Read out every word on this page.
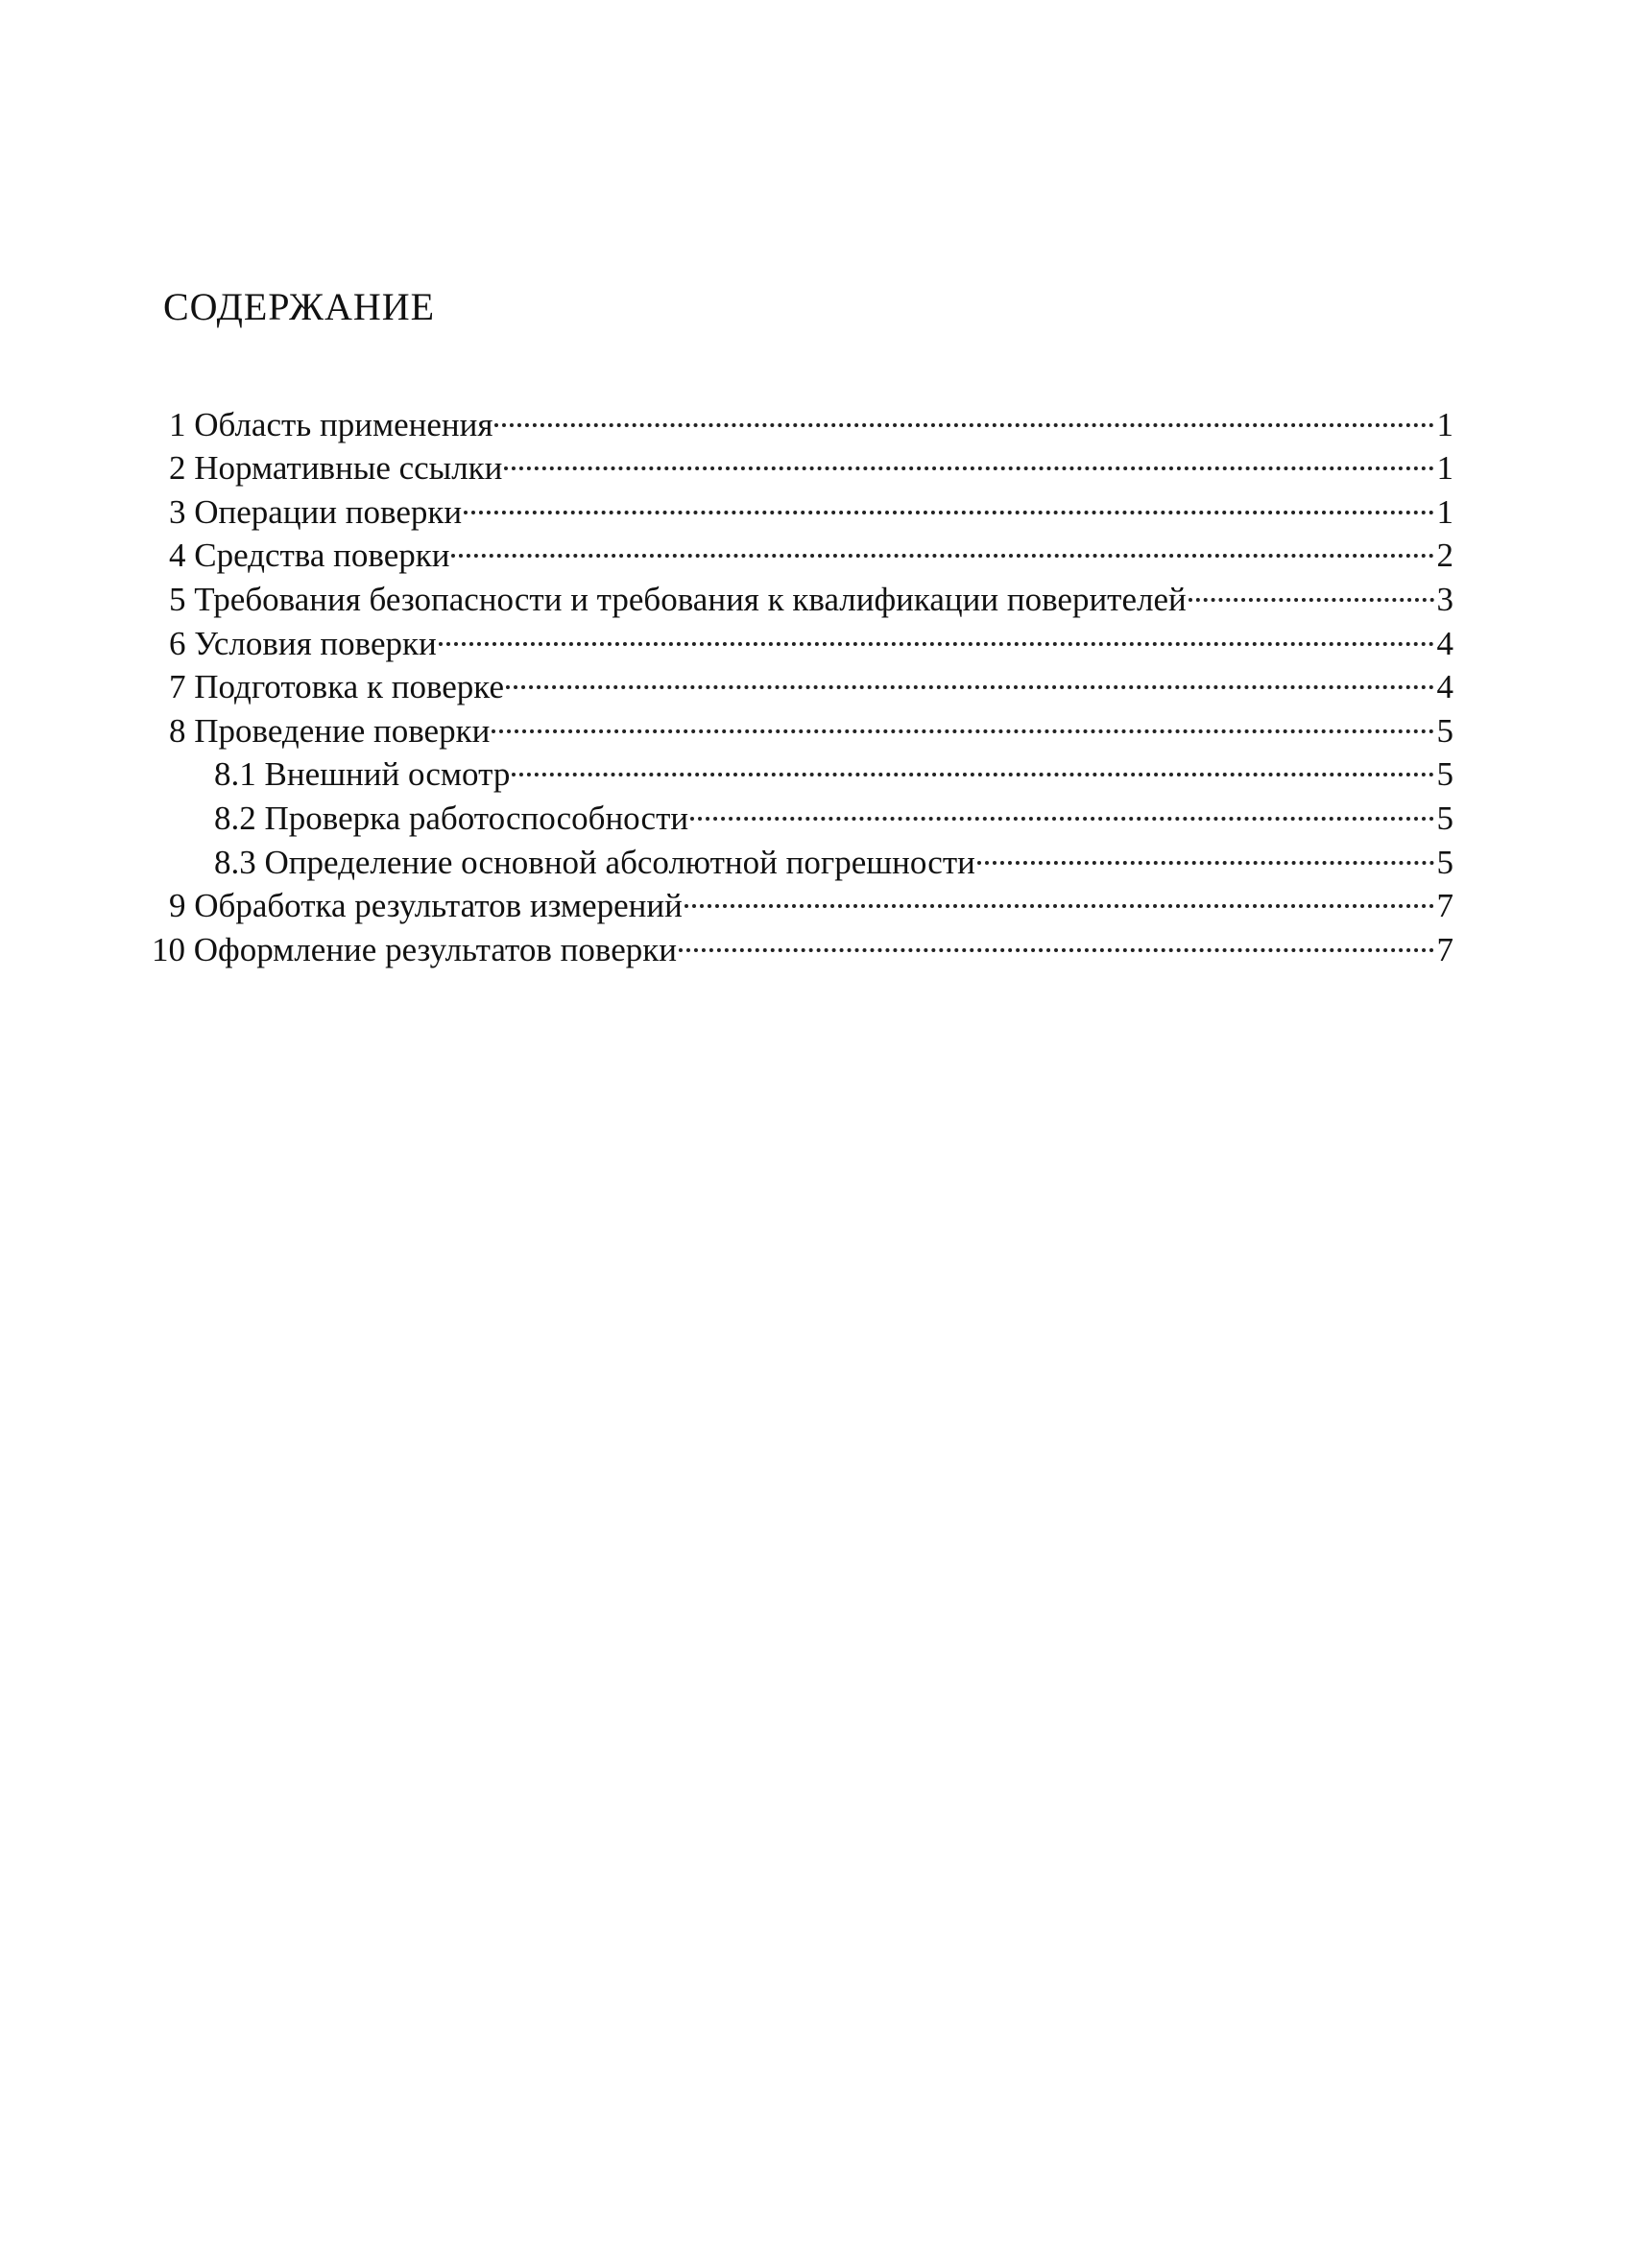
СОДЕРЖАНИЕ
1 Область применения	1
2 Нормативные ссылки	1
3 Операции поверки	1
4 Средства поверки	2
5 Требования безопасности и требования к квалификации поверителей	3
6 Условия поверки	4
7 Подготовка к поверке	4
8 Проведение поверки	5
8.1 Внешний осмотр	5
8.2 Проверка работоспособности	5
8.3 Определение основной абсолютной погрешности	5
9 Обработка результатов измерений	7
10 Оформление результатов поверки	7
